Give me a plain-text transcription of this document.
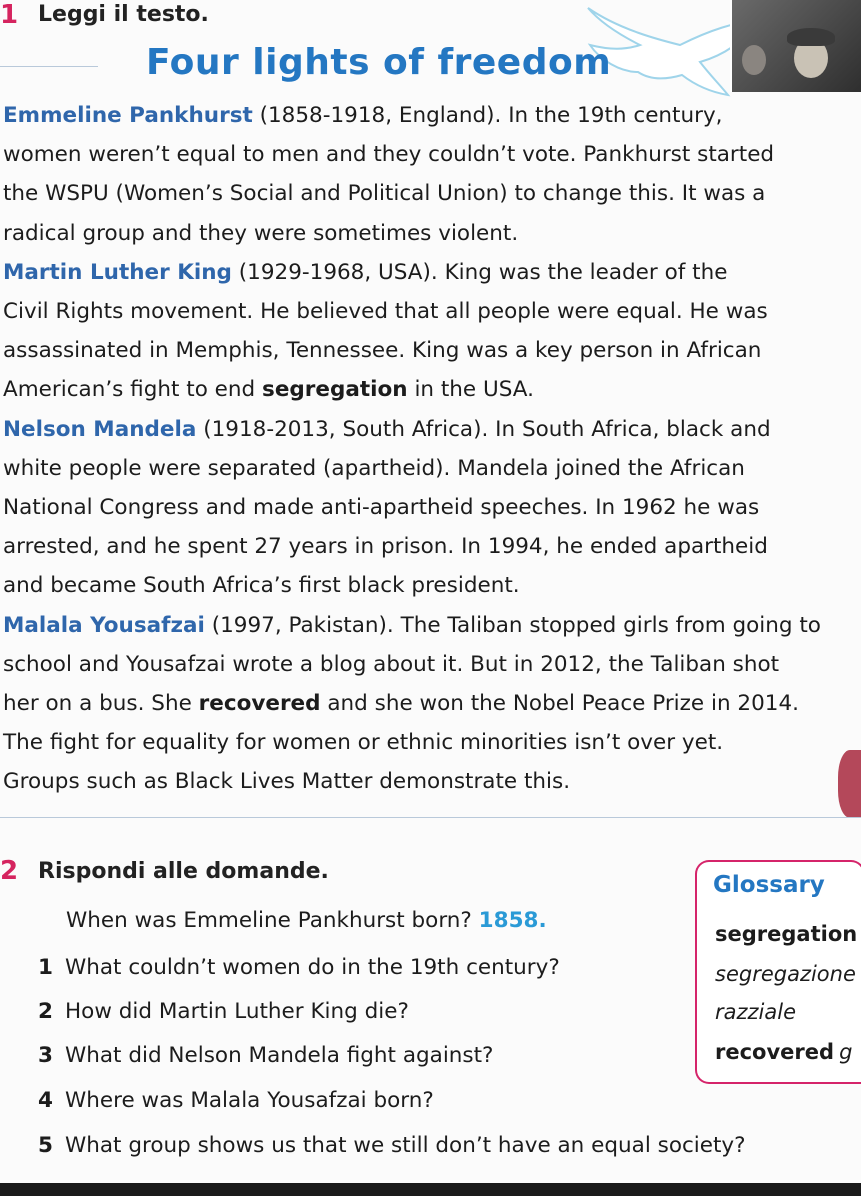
1 Leggi il testo.
Four lights of freedom
Emmeline Pankhurst (1858-1918, England). In the 19th century,
women weren’t equal to men and they couldn’t vote. Pankhurst started
the WSPU (Women’s Social and Political Union) to change this. It was a
radical group and they were sometimes violent.
Martin Luther King (1929-1968, USA). King was the leader of the
Civil Rights movement. He believed that all people were equal. He was
assassinated in Memphis, Tennessee. King was a key person in African
American’s fight to end segregation in the USA.
Nelson Mandela (1918-2013, South Africa). In South Africa, black and
white people were separated (apartheid). Mandela joined the African
National Congress and made anti-apartheid speeches. In 1962 he was
arrested, and he spent 27 years in prison. In 1994, he ended apartheid
and became South Africa’s first black president.
Malala Yousafzai (1997, Pakistan). The Taliban stopped girls from going to
school and Yousafzai wrote a blog about it. But in 2012, the Taliban shot
her on a bus. She recovered and she won the Nobel Peace Prize in 2014.
The fight for equality for women or ethnic minorities isn’t over yet.
Groups such as Black Lives Matter demonstrate this.
2 Rispondi alle domande.
When was Emmeline Pankhurst born? 1858.
1 What couldn’t women do in the 19th century?
2 How did Martin Luther King die?
3 What did Nelson Mandela fight against?
4 Where was Malala Yousafzai born?
5 What group shows us that we still don’t have an equal society?
Glossary
segregation
segregazione
razziale
recovered g
